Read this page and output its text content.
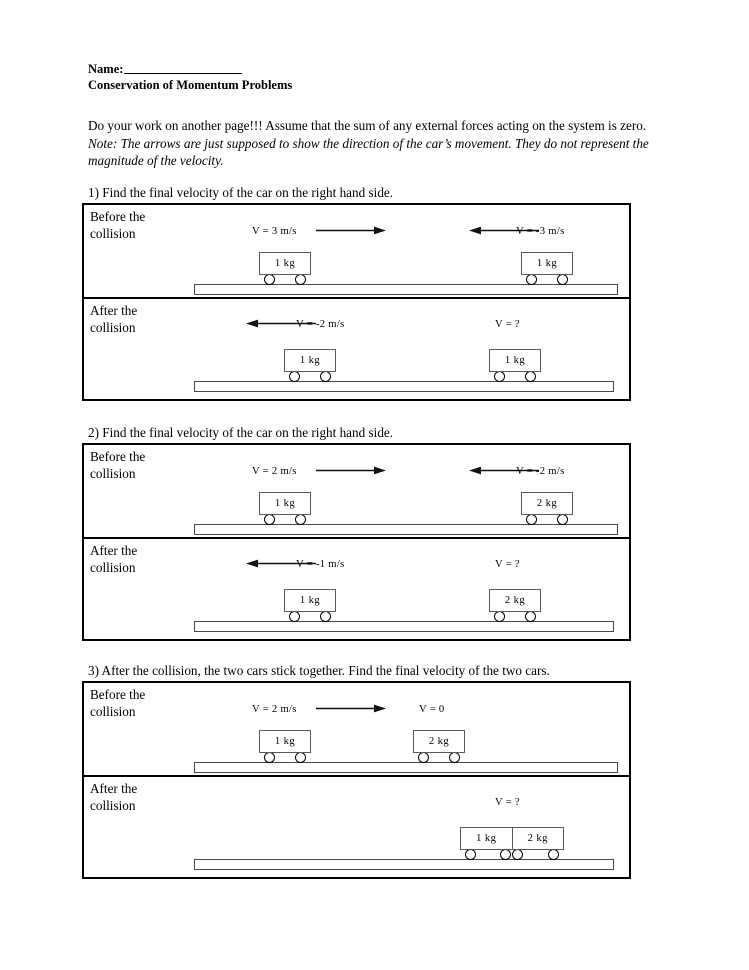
Name:
Conservation of Momentum Problems
Do your work on another page!!! Assume that the sum of any external forces acting on the system is zero. Note: The arrows are just supposed to show the direction of the car’s movement. They do not represent the magnitude of the velocity.
1) Find the final velocity of the car on the right hand side.
Before the
collision	V = 3 m/s	V = -3 m/s
1 kg	1 kg
After the
collision	V = -2 m/s	V = ?
1 kg	1 kg
2) Find the final velocity of the car on the right hand side.
Before the
collision	V = 2 m/s	V = -2 m/s
1 kg	2 kg
After the
collision	V = -1 m/s	V = ?
1 kg	2 kg
3) After the collision, the two cars stick together. Find the final velocity of the two cars.
Before the
collision	V = 2 m/s	V = 0
1 kg	2 kg
After the
collision	V = ?
1 kg	2 kg
